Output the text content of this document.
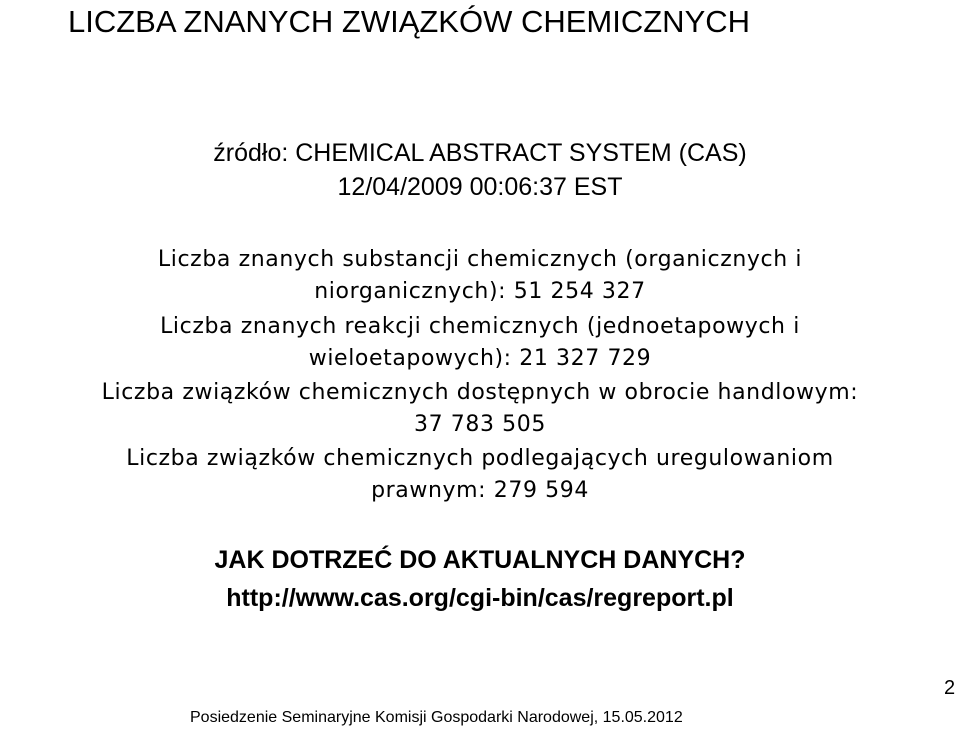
LICZBA ZNANYCH ZWIĄZKÓW CHEMICZNYCH
źródło: CHEMICAL ABSTRACT SYSTEM (CAS)
12/04/2009 00:06:37 EST
Liczba znanych substancji chemicznych (organicznych i
niorganicznych): 51 254 327
Liczba znanych reakcji chemicznych (jednoetapowych i
wieloetapowych): 21 327 729
Liczba związków chemicznych dostępnych w obrocie handlowym:
37 783 505
Liczba związków chemicznych podlegających uregulowaniom
prawnym: 279 594
JAK DOTRZEĆ DO AKTUALNYCH DANYCH?
http://www.cas.org/cgi-bin/cas/regreport.pl
2
Posiedzenie Seminaryjne Komisji Gospodarki Narodowej, 15.05.2012
